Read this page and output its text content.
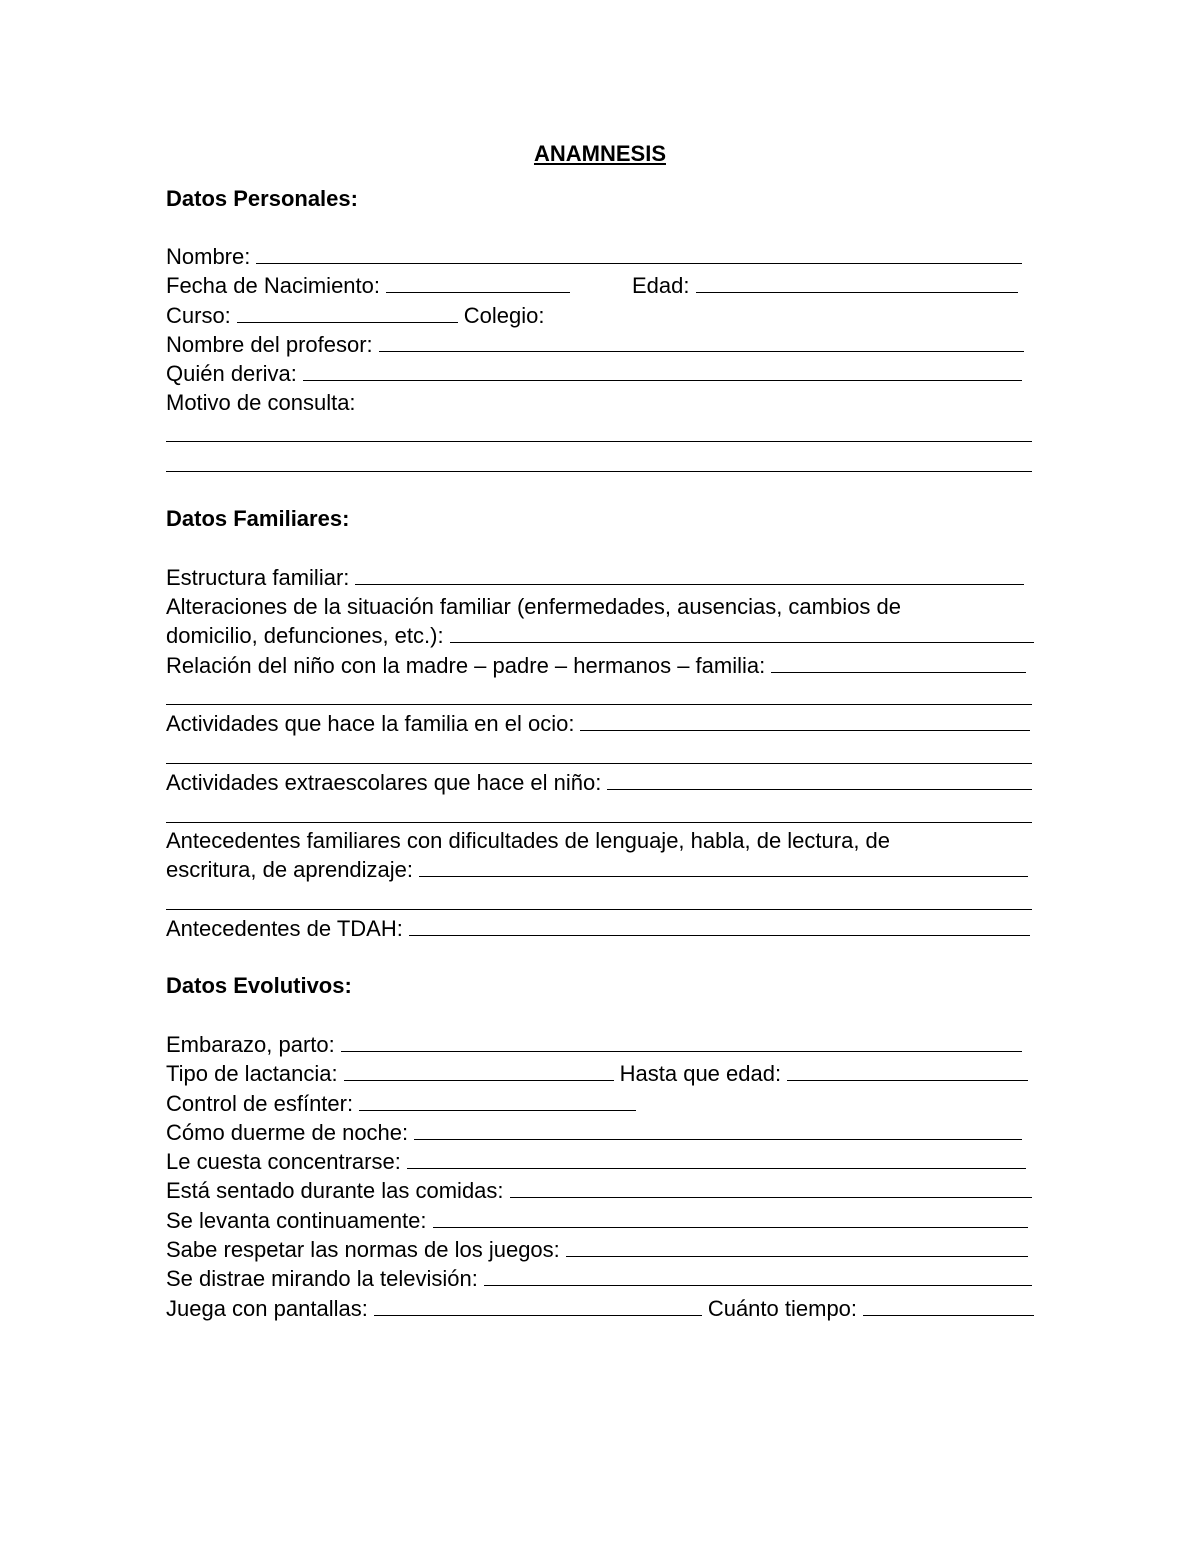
ANAMNESIS
Datos Personales:
Nombre:
Fecha de Nacimiento:	Edad:
Curso:	Colegio:
Nombre del profesor:
Quién deriva:
Motivo de consulta:
Datos Familiares:
Estructura familiar:
Alteraciones de la situación familiar (enfermedades, ausencias, cambios de
domicilio, defunciones, etc.):
Relación del niño con la madre – padre – hermanos – familia:
Actividades que hace la familia en el ocio:
Actividades extraescolares que hace el niño:
Antecedentes familiares con dificultades de lenguaje, habla, de lectura, de
escritura, de aprendizaje:
Antecedentes de TDAH:
Datos Evolutivos:
Embarazo, parto:
Tipo de lactancia:	Hasta que edad:
Control de esfínter:
Cómo duerme de noche:
Le cuesta concentrarse:
Está sentado durante las comidas:
Se levanta continuamente:
Sabe respetar las normas de los juegos:
Se distrae mirando la televisión:
Juega con pantallas:	Cuánto tiempo:
